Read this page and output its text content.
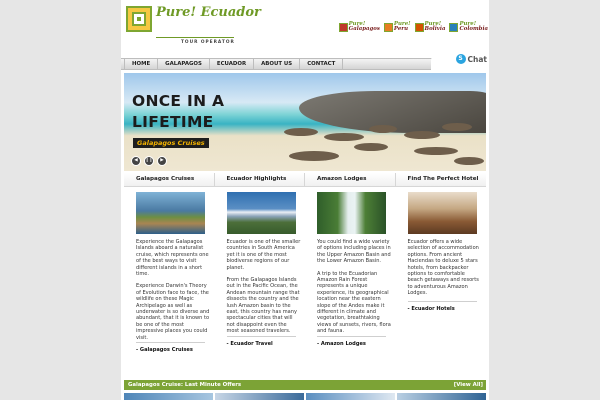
Pure! Ecuador
TOUR OPERATOR
Pure!
Galapagos
Pure!
Peru
Pure!
Bolivia
Pure!
Colombia
HOME	GALAPAGOS	ECUADOR	ABOUT US	CONTACT
S Chat
ONCE IN A
LIFETIME
Galapagos Cruises
◀	❙❙	▶
Galapagos Cruises

Experience the Galapagos Islands aboard a naturalist cruise, which represents one of the best ways to visit different islands in a short time.

Experience Darwin's Theory of Evolution face to face, the wildlife on these Magic Archipelago as well as underwater is so diverse and abundant, that it is known to be one of the most impressive places you could visit.

- Galapagos Cruises
Ecuador Highlights

Ecuador is one of the smaller countries in South America yet it is one of the most biodiverse regions of our planet.

From the Galapagos Islands out in the Pacific Ocean, the Andean mountain range that dissects the country and the lush Amazon basin to the east, this country has many spectacular cities that will not disappoint even the most seasoned travelers.

- Ecuador Travel
Amazon Lodges

You could find a wide variety of options including places in the Upper Amazon Basin and the Lower Amazon Basin.

A trip to the Ecuadorian Amazon Rain Forest represents a unique experience, its geographical location near the eastern slope of the Andes make it different in climate and vegetation, breathtaking views of sunsets, rivers, flora and fauna.

- Amazon Lodges
Find The Perfect Hotel

Ecuador offers a wide selection of accommodation options. From ancient Haciendas to deluxe 5 stars hotels, from backpacker options to comfortable beach getaways and resorts to adventurous Amazon Lodges.

- Ecuador Hotels
Galapagos Cruise: Last Minute Offers	[View All]
